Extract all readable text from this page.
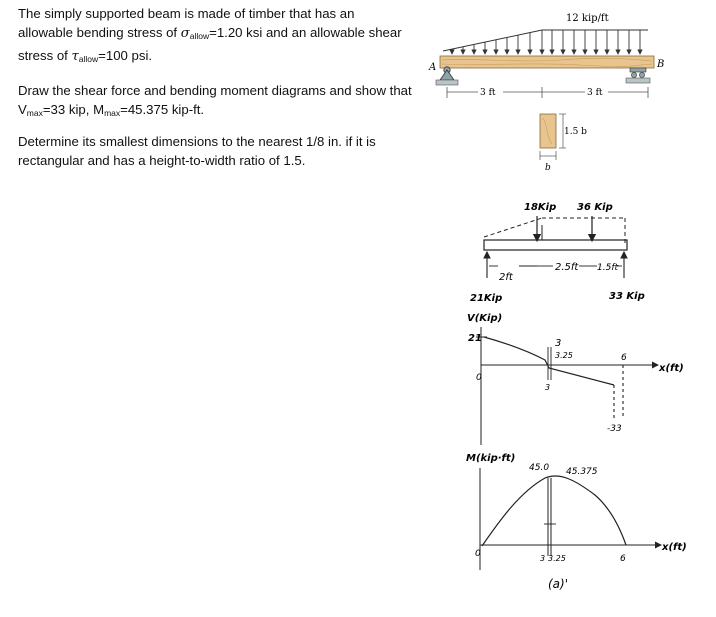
The simply supported beam is made of timber that has an allowable bending stress of $\sigma_{allow}=1.20$ ksi and an allowable shear stress of $\tau_{allow}=100$ psi.

Draw the shear force and bending moment diagrams and show that $V_{max}=33$ kip, $M_{max}=45.375$ kip-ft.

Determine its smallest dimensions to the nearest 1/8 in. if it is rectangular and has a height-to-width ratio of 1.5.

12 kip/ft
A	B
3 ft	3 ft
1.5 b
b
18Kip 36 Kip
2ft
2.5ft 1.5ft
21Kip	33 Kip
V(Kip)
21	3
3.25
3
0
6
x(ft)
-33
M(kip·ft)
45.0 45.375
0	3 3.25	6
x(ft)
(a)'
